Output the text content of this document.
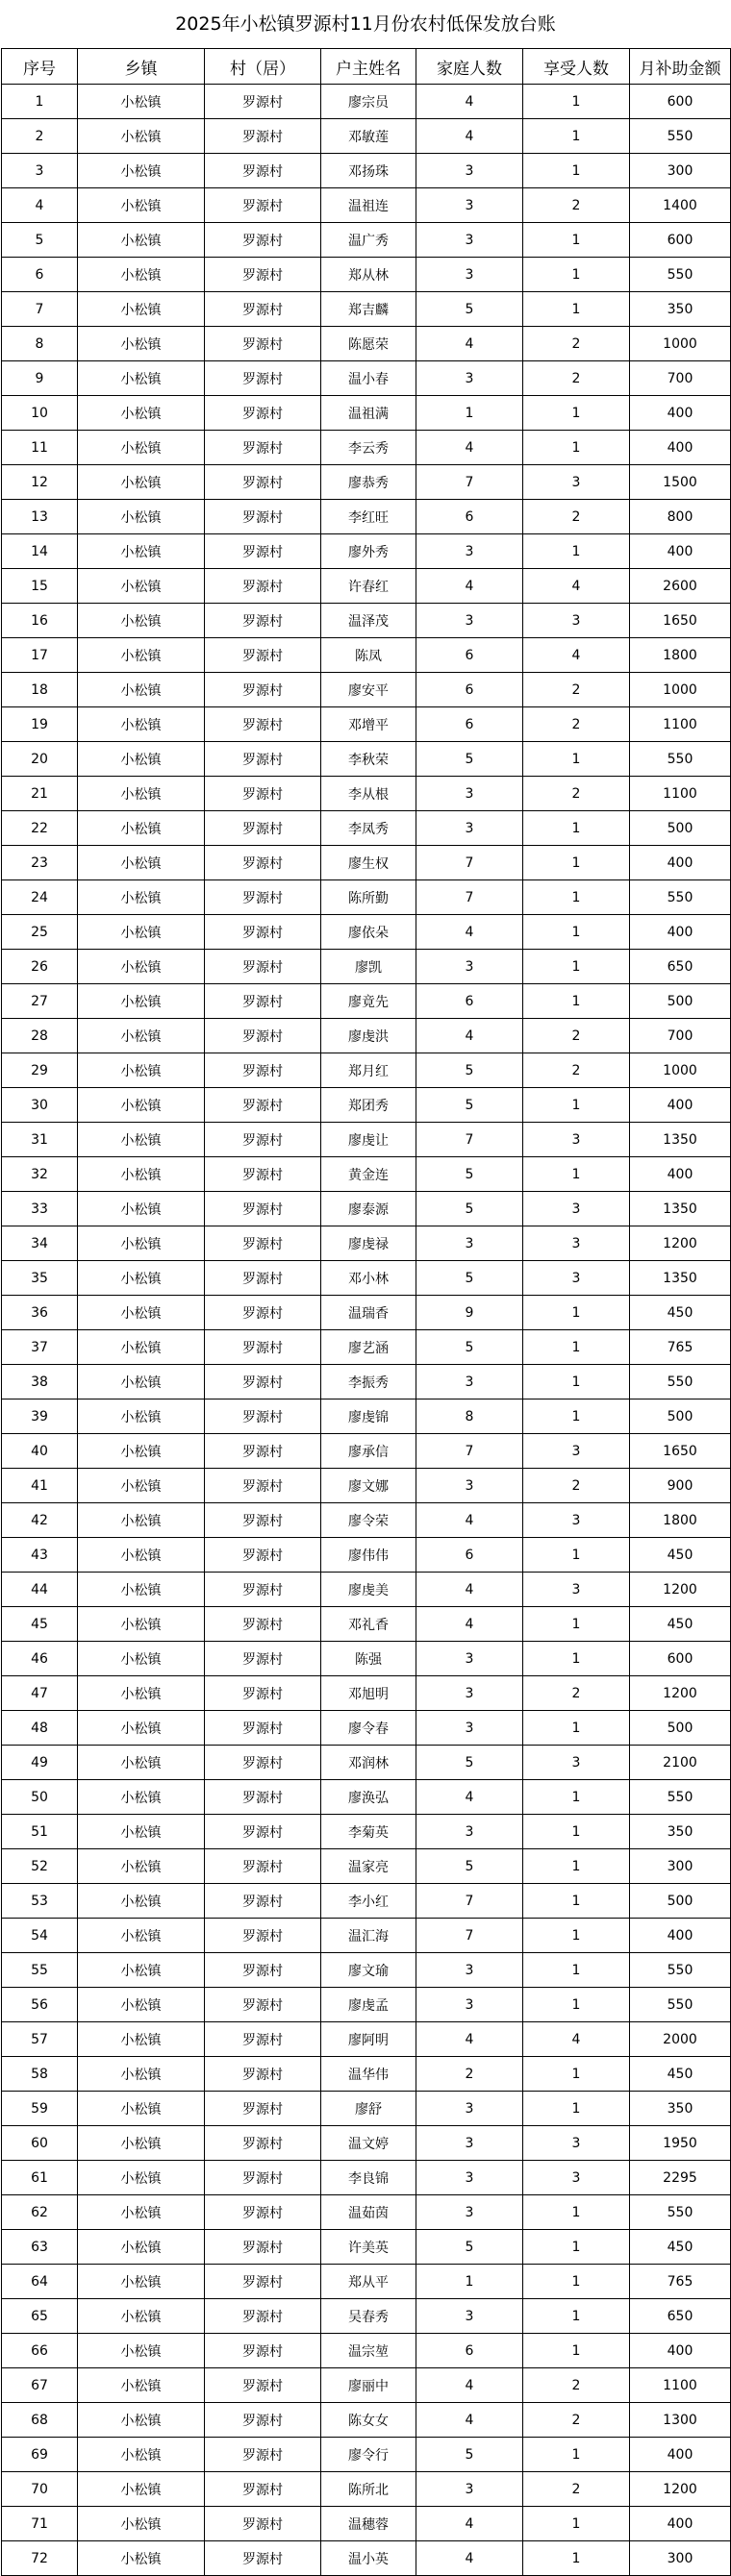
2025年小松镇罗源村11月份农村低保发放台账
序号	乡镇	村（居）	户主姓名	家庭人数	享受人数	月补助金额
1	小松镇	罗源村	廖宗员	4	1	600
2	小松镇	罗源村	邓敏莲	4	1	550
3	小松镇	罗源村	邓扬珠	3	1	300
4	小松镇	罗源村	温祖连	3	2	1400
5	小松镇	罗源村	温广秀	3	1	600
6	小松镇	罗源村	郑从林	3	1	550
7	小松镇	罗源村	郑吉麟	5	1	350
8	小松镇	罗源村	陈愿荣	4	2	1000
9	小松镇	罗源村	温小春	3	2	700
10	小松镇	罗源村	温祖满	1	1	400
11	小松镇	罗源村	李云秀	4	1	400
12	小松镇	罗源村	廖恭秀	7	3	1500
13	小松镇	罗源村	李红旺	6	2	800
14	小松镇	罗源村	廖外秀	3	1	400
15	小松镇	罗源村	许春红	4	4	2600
16	小松镇	罗源村	温泽茂	3	3	1650
17	小松镇	罗源村	陈凤	6	4	1800
18	小松镇	罗源村	廖安平	6	2	1000
19	小松镇	罗源村	邓增平	6	2	1100
20	小松镇	罗源村	李秋荣	5	1	550
21	小松镇	罗源村	李从根	3	2	1100
22	小松镇	罗源村	李凤秀	3	1	500
23	小松镇	罗源村	廖生权	7	1	400
24	小松镇	罗源村	陈所勤	7	1	550
25	小松镇	罗源村	廖依朵	4	1	400
26	小松镇	罗源村	廖凯	3	1	650
27	小松镇	罗源村	廖竟先	6	1	500
28	小松镇	罗源村	廖虔洪	4	2	700
29	小松镇	罗源村	郑月红	5	2	1000
30	小松镇	罗源村	郑团秀	5	1	400
31	小松镇	罗源村	廖虔让	7	3	1350
32	小松镇	罗源村	黄金连	5	1	400
33	小松镇	罗源村	廖泰源	5	3	1350
34	小松镇	罗源村	廖虔禄	3	3	1200
35	小松镇	罗源村	邓小林	5	3	1350
36	小松镇	罗源村	温瑞香	9	1	450
37	小松镇	罗源村	廖艺涵	5	1	765
38	小松镇	罗源村	李振秀	3	1	550
39	小松镇	罗源村	廖虔锦	8	1	500
40	小松镇	罗源村	廖承信	7	3	1650
41	小松镇	罗源村	廖文娜	3	2	900
42	小松镇	罗源村	廖令荣	4	3	1800
43	小松镇	罗源村	廖伟伟	6	1	450
44	小松镇	罗源村	廖虔美	4	3	1200
45	小松镇	罗源村	邓礼香	4	1	450
46	小松镇	罗源村	陈强	3	1	600
47	小松镇	罗源村	邓旭明	3	2	1200
48	小松镇	罗源村	廖令春	3	1	500
49	小松镇	罗源村	邓润林	5	3	2100
50	小松镇	罗源村	廖涣弘	4	1	550
51	小松镇	罗源村	李菊英	3	1	350
52	小松镇	罗源村	温家亮	5	1	300
53	小松镇	罗源村	李小红	7	1	500
54	小松镇	罗源村	温汇海	7	1	400
55	小松镇	罗源村	廖文瑜	3	1	550
56	小松镇	罗源村	廖虔孟	3	1	550
57	小松镇	罗源村	廖阿明	4	4	2000
58	小松镇	罗源村	温华伟	2	1	450
59	小松镇	罗源村	廖舒	3	1	350
60	小松镇	罗源村	温文婷	3	3	1950
61	小松镇	罗源村	李良锦	3	3	2295
62	小松镇	罗源村	温茹茵	3	1	550
63	小松镇	罗源村	许美英	5	1	450
64	小松镇	罗源村	郑从平	1	1	765
65	小松镇	罗源村	吴春秀	3	1	650
66	小松镇	罗源村	温宗堃	6	1	400
67	小松镇	罗源村	廖丽中	4	2	1100
68	小松镇	罗源村	陈女女	4	2	1300
69	小松镇	罗源村	廖令行	5	1	400
70	小松镇	罗源村	陈所北	3	2	1200
71	小松镇	罗源村	温穗蓉	4	1	400
72	小松镇	罗源村	温小英	4	1	300
